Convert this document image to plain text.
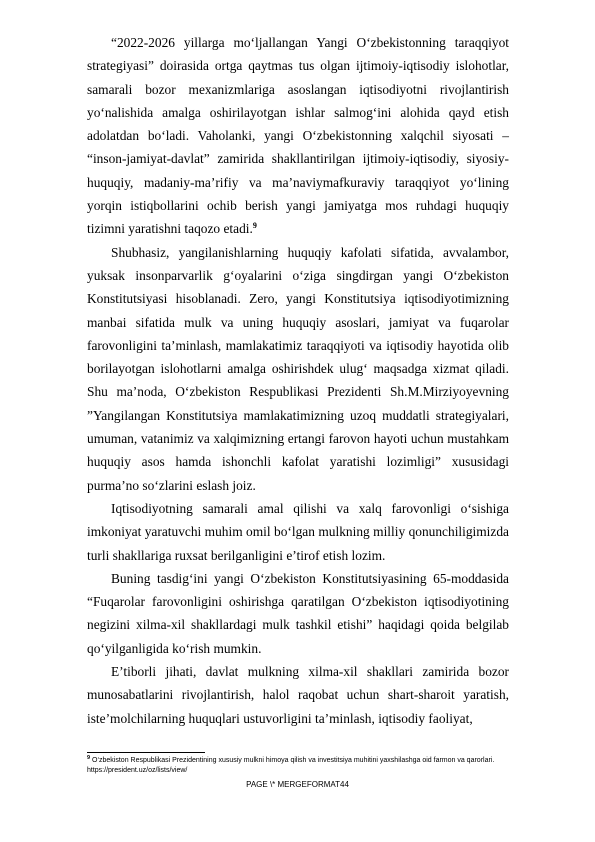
“2022-2026 yillarga mo‘ljallangan Yangi O‘zbekistonning taraqqiyot strategiyasi” doirasida ortga qaytmas tus olgan ijtimoiy-iqtisodiy islohotlar, samarali bozor mexanizmlariga asoslangan iqtisodiyotni rivojlantirish yo‘nalishida amalga oshirilayotgan ishlar salmog‘ini alohida qayd etish adolatdan bo‘ladi. Vaholanki, yangi O‘zbekistonning xalqchil siyosati – “inson-jamiyat-davlat” zamirida shakllantirilgan ijtimoiy-iqtisodiy, siyosiy-huquqiy, madaniy-ma’rifiy va ma’naviymafkuraviy taraqqiyot yo‘lining yorqin istiqbollarini ochib berish yangi jamiyatga mos ruhdagi huquqiy tizimni yaratishni taqozo etadi.$^9$

Shubhasiz, yangilanishlarning huquqiy kafolati sifatida, avvalambor, yuksak insonparvarlik g‘oyalarini o‘ziga singdirgan yangi O‘zbekiston Konstitutsiyasi hisoblanadi. Zero, yangi Konstitutsiya iqtisodiyotimizning manbai sifatida mulk va uning huquqiy asoslari, jamiyat va fuqarolar farovonligini ta’minlash, mamlakatimiz taraqqiyoti va iqtisodiy hayotida olib borilayotgan islohotlarni amalga oshirishdek ulug‘ maqsadga xizmat qiladi. Shu ma’noda, O‘zbekiston Respublikasi Prezidenti Sh.M.Mirziyoyevning ”Yangilangan Konstitutsiya mamlakatimizning uzoq muddatli strategiyalari, umuman, vatanimiz va xalqimizning ertangi farovon hayoti uchun mustahkam huquqiy asos hamda ishonchli kafolat yaratishi lozimligi” xususidagi purma’no so‘zlarini eslash joiz.

Iqtisodiyotning samarali amal qilishi va xalq farovonligi o‘sishiga imkoniyat yaratuvchi muhim omil bo‘lgan mulkning milliy qonunchiligimizda turli shakllariga ruxsat berilganligini e’tirof etish lozim.

Buning tasdig‘ini yangi O‘zbekiston Konstitutsiyasining 65-moddasida “Fuqarolar farovonligini oshirishga qaratilgan O‘zbekiston iqtisodiyotining negizini xilma-xil shakllardagi mulk tashkil etishi” haqidagi qoida belgilab qo‘yilganligida ko‘rish mumkin.

E’tiborli jihati, davlat mulkning xilma-xil shakllari zamirida bozor munosabatlarini rivojlantirish, halol raqobat uchun shart-sharoit yaratish, iste’molchilarning huquqlari ustuvorligini ta’minlash, iqtisodiy faoliyat,

$^9$ O‘zbekiston Respublikasi Prezidentining xususiy mulkni himoya qilish va investitsiya muhitini yaxshilashga oid farmon va qarorlari. https://president.uz/oz/lists/view/
PAGE \* MERGEFORMAT44
